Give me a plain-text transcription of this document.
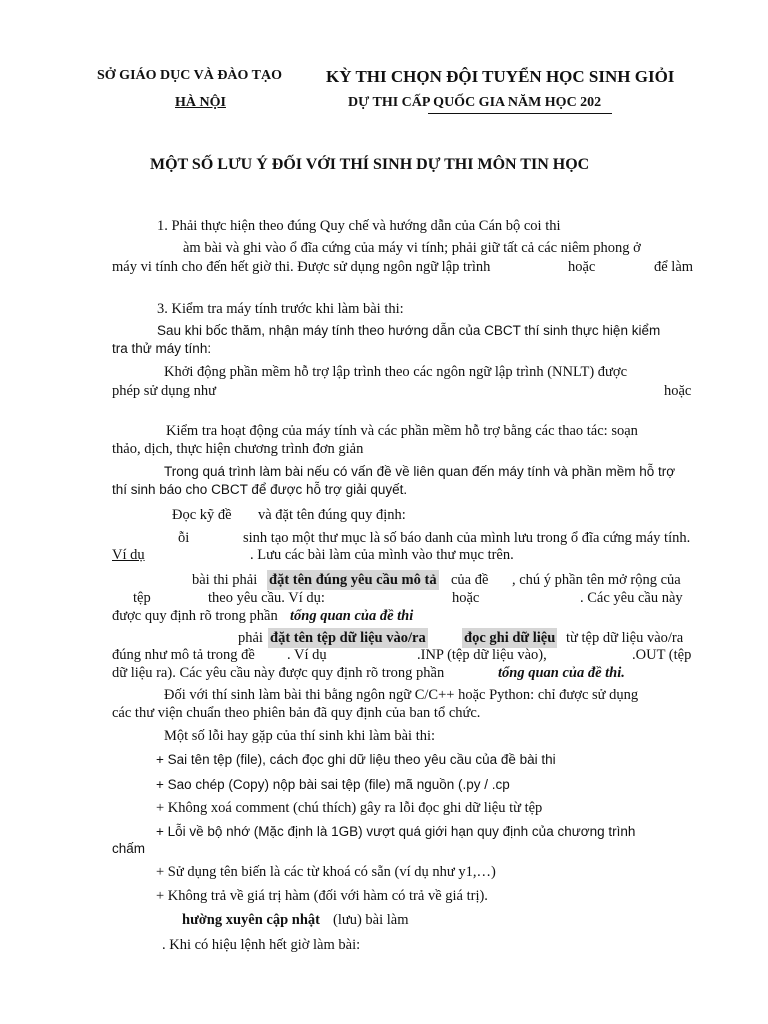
SỞ GIÁO DỤC VÀ ĐÀO TẠO
HÀ NỘI
KỲ THI CHỌN ĐỘI TUYỂN HỌC SINH GIỎI
DỰ THI CẤP QUỐC GIA NĂM HỌC 202
MỘT SỐ LƯU Ý ĐỐI VỚI THÍ SINH DỰ THI MÔN TIN HỌC
1. Phải thực hiện theo đúng Quy chế và hướng dẫn của Cán bộ coi thi
àm bài và ghi vào ổ đĩa cứng của máy vi tính; phải giữ tất cả các niêm phong ở
máy vi tính cho đến hết giờ thi. Được sử dụng ngôn ngữ lập trình	hoặc	để làm
3. Kiểm tra máy tính trước khi làm bài thi:
Sau khi bốc thăm, nhận máy tính theo hướng dẫn của CBCT thí sinh thực hiện kiểm
tra thử máy tính:
Khởi động phần mềm hỗ trợ lập trình theo các ngôn ngữ lập trình (NNLT) được
phép sử dụng như	hoặc
Kiểm tra hoạt động của máy tính và các phần mềm hỗ trợ bằng các thao tác: soạn
thảo, dịch, thực hiện chương trình đơn giản
Trong quá trình làm bài nếu có vấn đề về liên quan đến máy tính và phần mềm hỗ trợ
thí sinh báo cho CBCT để được hỗ trợ giải quyết.
Đọc kỹ đề và đặt tên đúng quy định:
ỗi	sinh tạo một thư mục là số báo danh của mình lưu trong ổ đĩa cứng máy tính.
Ví dụ	. Lưu các bài làm của mình vào thư mục trên.
bài thi phải đặt tên đúng yêu cầu mô tả của đề , chú ý phần tên mở rộng của
tệp	theo yêu cầu. Ví dụ:	hoặc	. Các yêu cầu này
được quy định rõ trong phần tổng quan của đề thi
phải đặt tên tệp dữ liệu vào/ra	đọc ghi dữ liệu từ tệp dữ liệu vào/ra
đúng như mô tả trong đề . Ví dụ	.INP (tệp dữ liệu vào),	.OUT (tệp
dữ liệu ra). Các yêu cầu này được quy định rõ trong phần	tổng quan của đề thi.
Đối với thí sinh làm bài thi bằng ngôn ngữ C/C++ hoặc Python: chỉ được sử dụng
các thư viện chuẩn theo phiên bản đã quy định của ban tổ chức.
Một số lỗi hay gặp của thí sinh khi làm bài thi:
+ Sai tên tệp (file), cách đọc ghi dữ liệu theo yêu cầu của đề bài thi
+ Sao chép (Copy) nộp bài sai tệp (file) mã nguồn (.py / .cp
+ Không xoá comment (chú thích) gây ra lỗi đọc ghi dữ liệu từ tệp
+ Lỗi về bộ nhớ (Mặc định là 1GB) vượt quá giới hạn quy định của chương trình
chấm
+ Sử dụng tên biến là các từ khoá có sẵn (ví dụ như y1,…)
+ Không trả về giá trị hàm (đối với hàm có trả về giá trị).
hường xuyên cập nhật (lưu) bài làm
. Khi có hiệu lệnh hết giờ làm bài:
